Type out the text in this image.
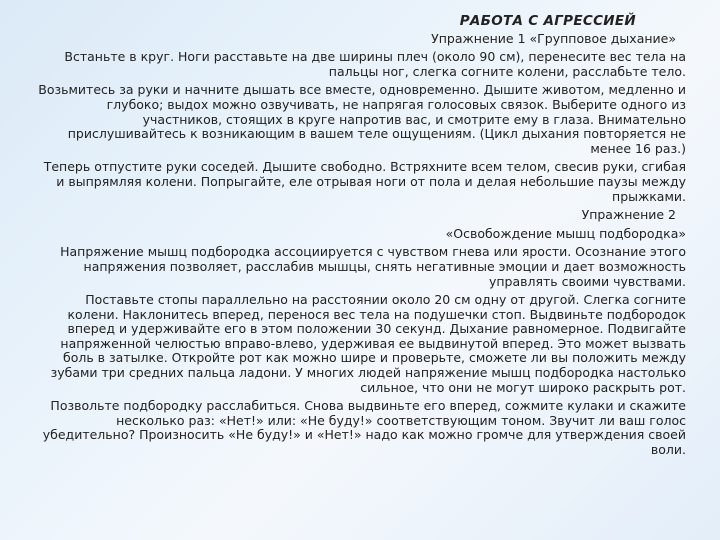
РАБОТА С АГРЕССИЕЙ
Упражнение 1 «Групповое дыхание»
Встаньте в круг. Ноги расставьте на две ширины плеч (около 90 см), перенесите вес тела на пальцы ног, слегка согните колени, расслабьте тело.
Возьмитесь за руки и начните дышать все вместе, одновременно. Дышите животом, медленно и глубоко; выдох можно озвучивать, не напрягая голосовых связок. Выберите одного из участников, стоящих в круге напротив вас, и смотрите ему в глаза. Внимательно прислушивайтесь к возникающим в вашем теле ощущениям. (Цикл дыхания повторяется не менее 16 раз.)
Теперь отпустите руки соседей. Дышите свободно. Встряхните всем телом, свесив руки, сгибая и выпрямляя колени. Попрыгайте, еле отрывая ноги от пола и делая небольшие паузы между прыжками.
Упражнение 2
«Освобождение мышц подбородка»
Напряжение мышц подбородка ассоциируется с чувством гнева или ярости. Осознание этого напряжения позволяет, расслабив мышцы, снять негативные эмоции и дает возможность управлять своими чувствами.
Поставьте стопы параллельно на расстоянии около 20 см одну от другой. Слегка согните колени. Наклонитесь вперед, перенося вес тела на подушечки стоп. Выдвиньте подбородок вперед и удерживайте его в этом положении 30 секунд. Дыхание равномерное. Подвигайте напряженной челюстью вправо-влево, удерживая ее выдвинутой вперед. Это может вызвать боль в затылке. Откройте рот как можно шире и проверьте, сможете ли вы положить между зубами три средних пальца ладони. У многих людей напряжение мышц подбородка настолько сильное, что они не могут широко раскрыть рот.
Позвольте подбородку расслабиться. Снова выдвиньте его вперед, сожмите кулаки и скажите несколько раз: «Нет!» или: «Не буду!» соответствующим тоном. Звучит ли ваш голос убедительно? Произносить «Не буду!» и «Нет!» надо как можно громче для утверждения своей воли.
